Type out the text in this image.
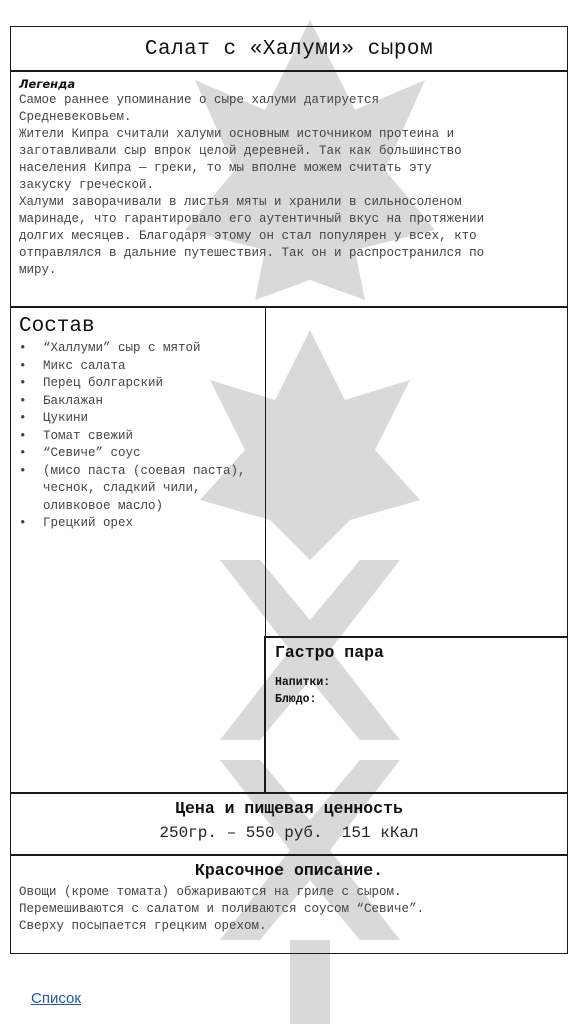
Салат с «Халуми» сыром
Легенда

Самое раннее упоминание о сыре халуми датируется

Средневековьем.

Жители Кипра считали халуми основным источником протеина и

заготавливали сыр впрок целой деревней. Так как большинство

населения Кипра — греки, то мы вполне можем считать эту

закуску греческой.

Халуми заворачивали в листья мяты и хранили в сильносоленом

маринаде, что гарантировало его аутентичный вкус на протяжении

долгих месяцев. Благодаря этому он стал популярен у всех, кто

отправлялся в дальние путешествия. Так он и распространился по

миру.

Состав
• “Халлуми” сыр с мятой
• Микс салата
• Перец болгарский
• Баклажан
• Цукини
• Томат свежий
• “Севиче” соус
• (мисо паста (соевая паста), чеснок, сладкий чили, оливковое масло)
• Грецкий орех
Гастро пара
Напитки:
Блюдо:
Цена и пищевая ценность
250гр. – 550 руб.  151 кКал
Красочное описание.

Овощи (кроме томата) обжариваются на гриле с сыром.

Перемешиваются с салатом и поливаются соусом “Севиче”.

Сверху посыпается грецким орехом.

Список
